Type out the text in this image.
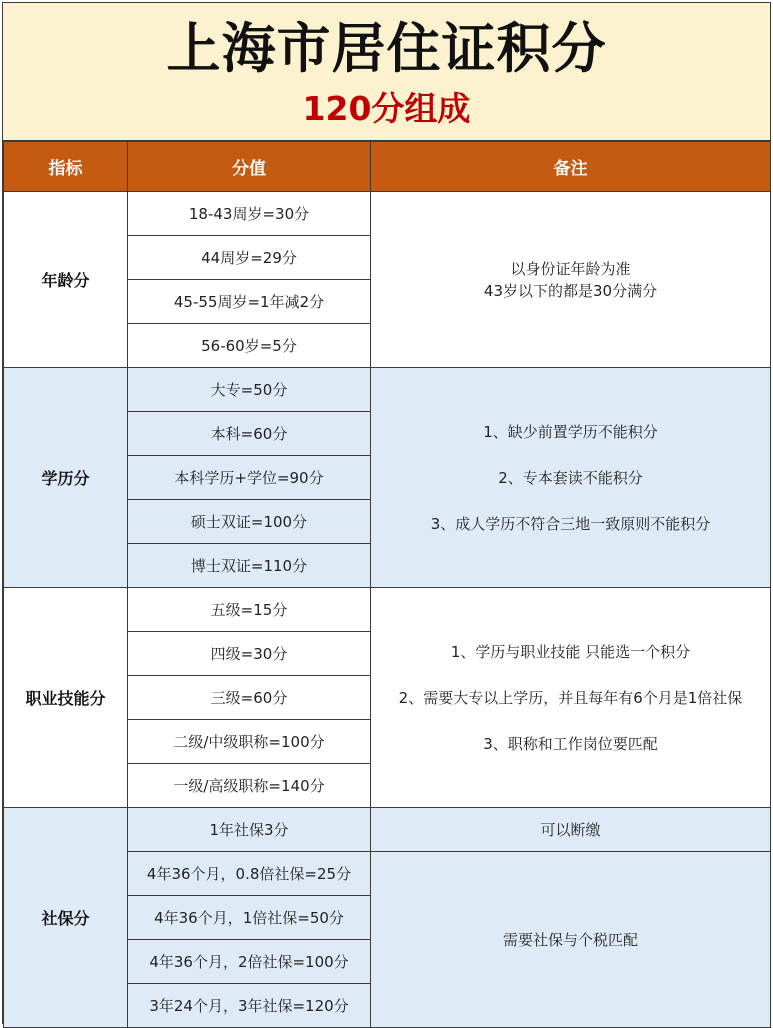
上海市居住证积分
120分组成
指标	分值	备注
年龄分	18-43周岁=30分	以身份证年龄为准
43岁以下的都是30分满分

	44周岁=29分	
	45-55周岁=1年减2分	
	56-60岁=5分	
学历分	大专=50分	1、缺少前置学历不能积分
2、专本套读不能积分
3、成人学历不符合三地一致原则不能积分

	本科=60分	
	本科学历+学位=90分	
	硕士双证=100分	
	博士双证=110分	
职业技能分	五级=15分	1、学历与职业技能 只能选一个积分
2、需要大专以上学历，并且每年有6个月是1倍社保
3、职称和工作岗位要匹配

	四级=30分	
	三级=60分	
	二级/中级职称=100分	
	一级/高级职称=140分	
社保分	1年社保3分	可以断缴
	4年36个月，0.8倍社保=25分	需要社保与个税匹配
	4年36个月，1倍社保=50分	
	4年36个月，2倍社保=100分	
	3年24个月，3年社保=120分	
